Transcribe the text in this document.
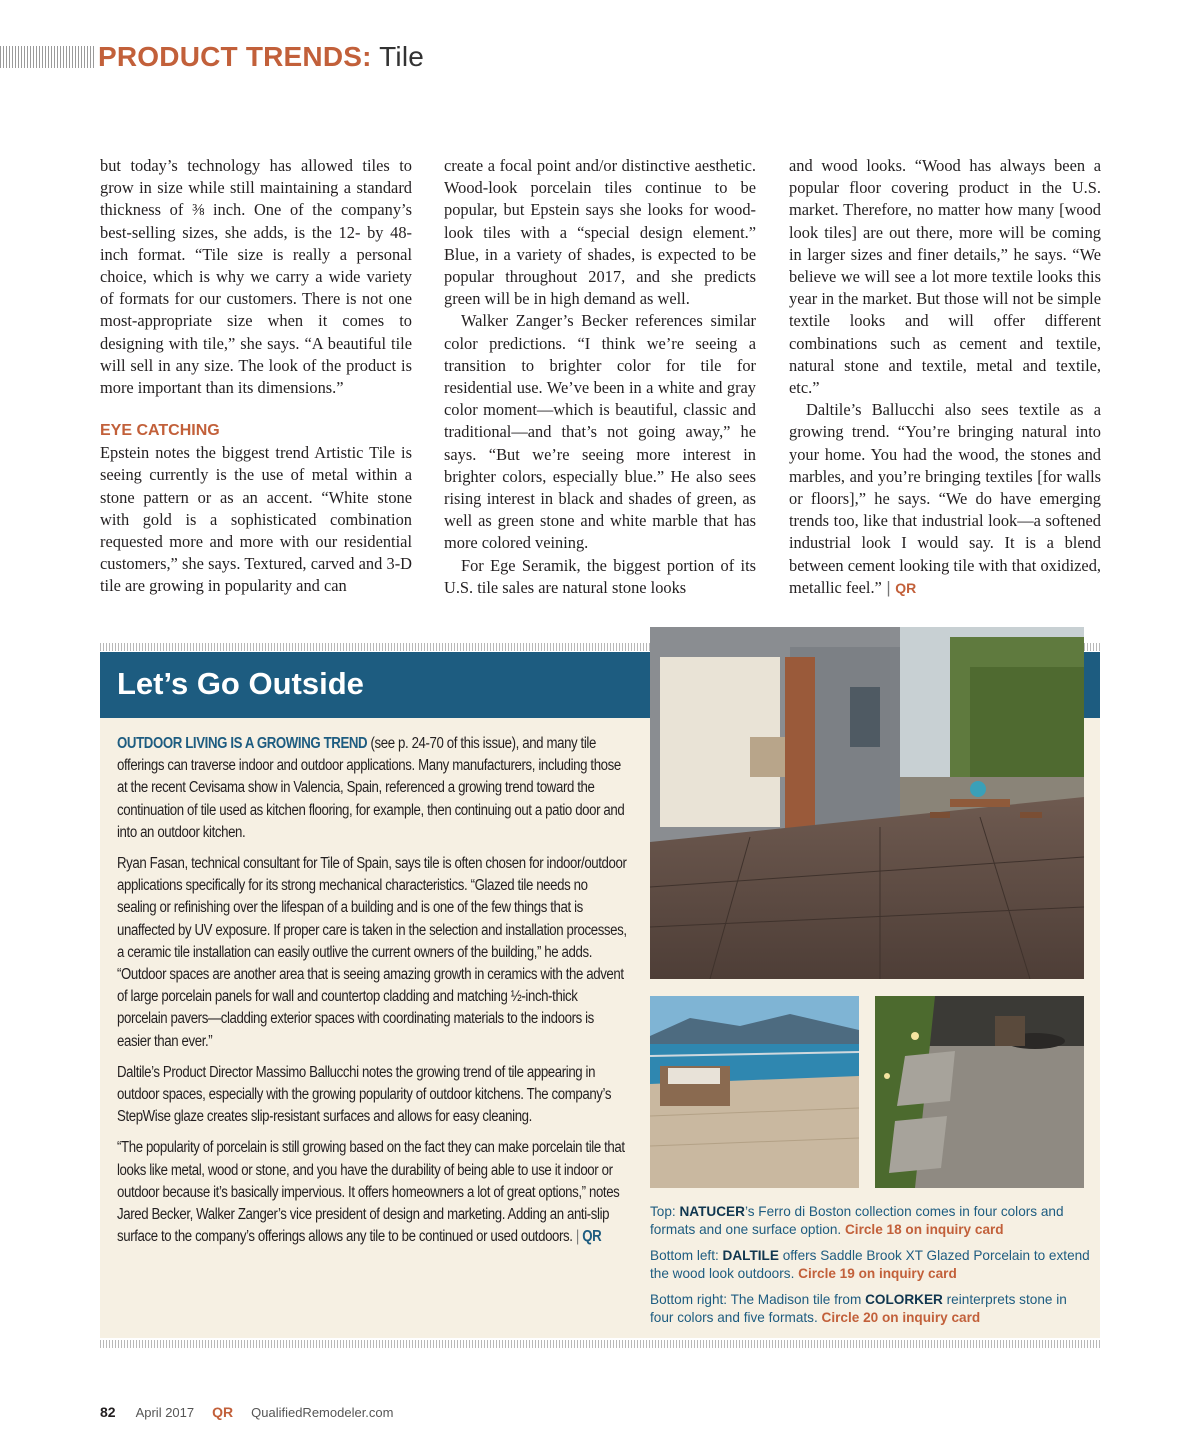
PRODUCT TRENDS: Tile

but today’s technology has allowed tiles to grow in size while still maintaining a standard thickness of ⅜ inch. One of the company’s best-selling sizes, she adds, is the 12- by 48-inch format. “Tile size is really a personal choice, which is why we carry a wide variety of formats for our customers. There is not one most-appropriate size when it comes to designing with tile,” she says. “A beautiful tile will sell in any size. The look of the product is more important than its dimensions.”

EYE CATCHING

Epstein notes the biggest trend Artistic Tile is seeing currently is the use of metal within a stone pattern or as an accent. “White stone with gold is a sophisticated combination requested more and more with our residential customers,” she says. Textured, carved and 3-D tile are growing in popularity and can

create a focal point and/or distinctive aesthetic. Wood-look porcelain tiles continue to be popular, but Epstein says she looks for wood-look tiles with a “special design element.” Blue, in a variety of shades, is expected to be popular throughout 2017, and she predicts green will be in high demand as well.

Walker Zanger’s Becker references similar color predictions. “I think we’re seeing a transition to brighter color for tile for residential use. We’ve been in a white and gray color moment—which is beautiful, classic and traditional—and that’s not going away,” he says. “But we’re seeing more interest in brighter colors, especially blue.” He also sees rising interest in black and shades of green, as well as green stone and white marble that has more colored veining.

For Ege Seramik, the biggest portion of its U.S. tile sales are natural stone looks

and wood looks. “Wood has always been a popular floor covering product in the U.S. market. Therefore, no matter how many [wood look tiles] are out there, more will be coming in larger sizes and finer details,” he says. “We believe we will see a lot more textile looks this year in the market. But those will not be simple textile looks and will offer different combinations such as cement and textile, natural stone and textile, metal and textile, etc.”

Daltile’s Ballucchi also sees textile as a growing trend. “You’re bringing natural into your home. You had the wood, the stones and marbles, and you’re bringing textiles [for walls or floors],” he says. “We do have emerging trends too, like that industrial look—a softened industrial look I would say. It is a blend between cement looking tile with that oxidized, metallic feel.” | QR

Let’s Go Outside

OUTDOOR LIVING IS A GROWING TREND (see p. 24-70 of this issue), and many tile offerings can traverse indoor and outdoor applications. Many manufacturers, including those at the recent Cevisama show in Valencia, Spain, referenced a growing trend toward the continuation of tile used as kitchen flooring, for example, then continuing out a patio door and into an outdoor kitchen.

Ryan Fasan, technical consultant for Tile of Spain, says tile is often chosen for indoor/outdoor applications specifically for its strong mechanical characteristics. “Glazed tile needs no sealing or refinishing over the lifespan of a building and is one of the few things that is unaffected by UV exposure. If proper care is taken in the selection and installation processes, a ceramic tile installation can easily outlive the current owners of the building,” he adds. “Outdoor spaces are another area that is seeing amazing growth in ceramics with the advent of large porcelain panels for wall and countertop cladding and matching ½-inch-thick porcelain pavers—cladding exterior spaces with coordinating materials to the indoors is easier than ever.”

Daltile’s Product Director Massimo Ballucchi notes the growing trend of tile appearing in outdoor spaces, especially with the growing popularity of outdoor kitchens. The company’s StepWise glaze creates slip-resistant surfaces and allows for easy cleaning.

“The popularity of porcelain is still growing based on the fact they can make porcelain tile that looks like metal, wood or stone, and you have the durability of being able to use it indoor or outdoor because it’s basically impervious. It offers homeowners a lot of great options,” notes Jared Becker, Walker Zanger’s vice president of design and marketing. Adding an anti-slip surface to the company’s offerings allows any tile to be continued or used outdoors. | QR

Top: NATUCER’s Ferro di Boston collection comes in four colors and formats and one surface option. Circle 18 on inquiry card

Bottom left: DALTILE offers Saddle Brook XT Glazed Porcelain to extend the wood look outdoors. Circle 19 on inquiry card

Bottom right: The Madison tile from COLORKER reinterprets stone in four colors and five formats. Circle 20 on inquiry card

82 April 2017 QR QualifiedRemodeler.com
